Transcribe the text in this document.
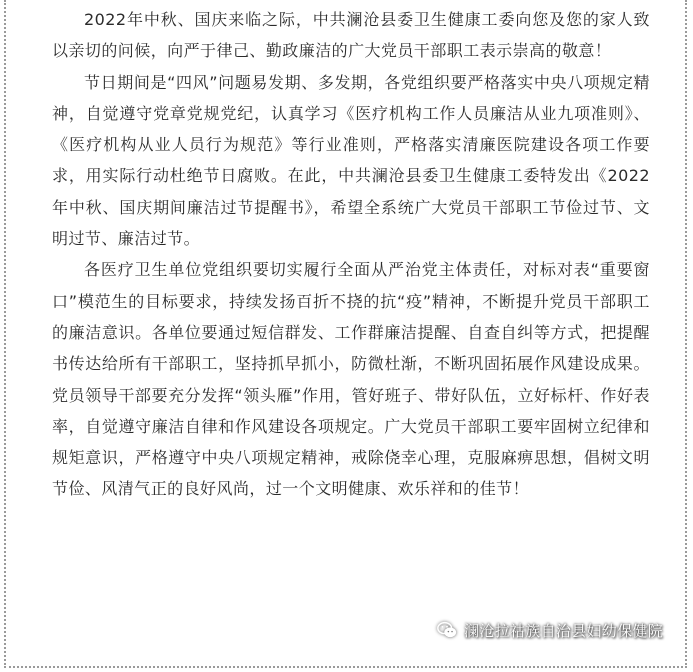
2022年中秋、国庆来临之际，中共澜沧县委卫生健康工委向您及您的家人致以亲切的问候，向严于律己、勤政廉洁的广大党员干部职工表示崇高的敬意！

节日期间是“四风”问题易发期、多发期，各党组织要严格落实中央八项规定精神，自觉遵守党章党规党纪，认真学习《医疗机构工作人员廉洁从业九项准则》、《医疗机构从业人员行为规范》等行业准则，严格落实清廉医院建设各项工作要求，用实际行动杜绝节日腐败。在此，中共澜沧县委卫生健康工委特发出《2022年中秋、国庆期间廉洁过节提醒书》，希望全系统广大党员干部职工节俭过节、文明过节、廉洁过节。

各医疗卫生单位党组织要切实履行全面从严治党主体责任，对标对表“重要窗口”模范生的目标要求，持续发扬百折不挠的抗“疫”精神，不断提升党员干部职工的廉洁意识。各单位要通过短信群发、工作群廉洁提醒、自查自纠等方式，把提醒书传达给所有干部职工，坚持抓早抓小，防微杜渐，不断巩固拓展作风建设成果。党员领导干部要充分发挥“领头雁”作用，管好班子、带好队伍，立好标杆、作好表率，自觉遵守廉洁自律和作风建设各项规定。广大党员干部职工要牢固树立纪律和规矩意识，严格遵守中央八项规定精神，戒除侥幸心理，克服麻痹思想，倡树文明节俭、风清气正的良好风尚，过一个文明健康、欢乐祥和的佳节！

澜沧拉祜族自治县妇幼保健院
